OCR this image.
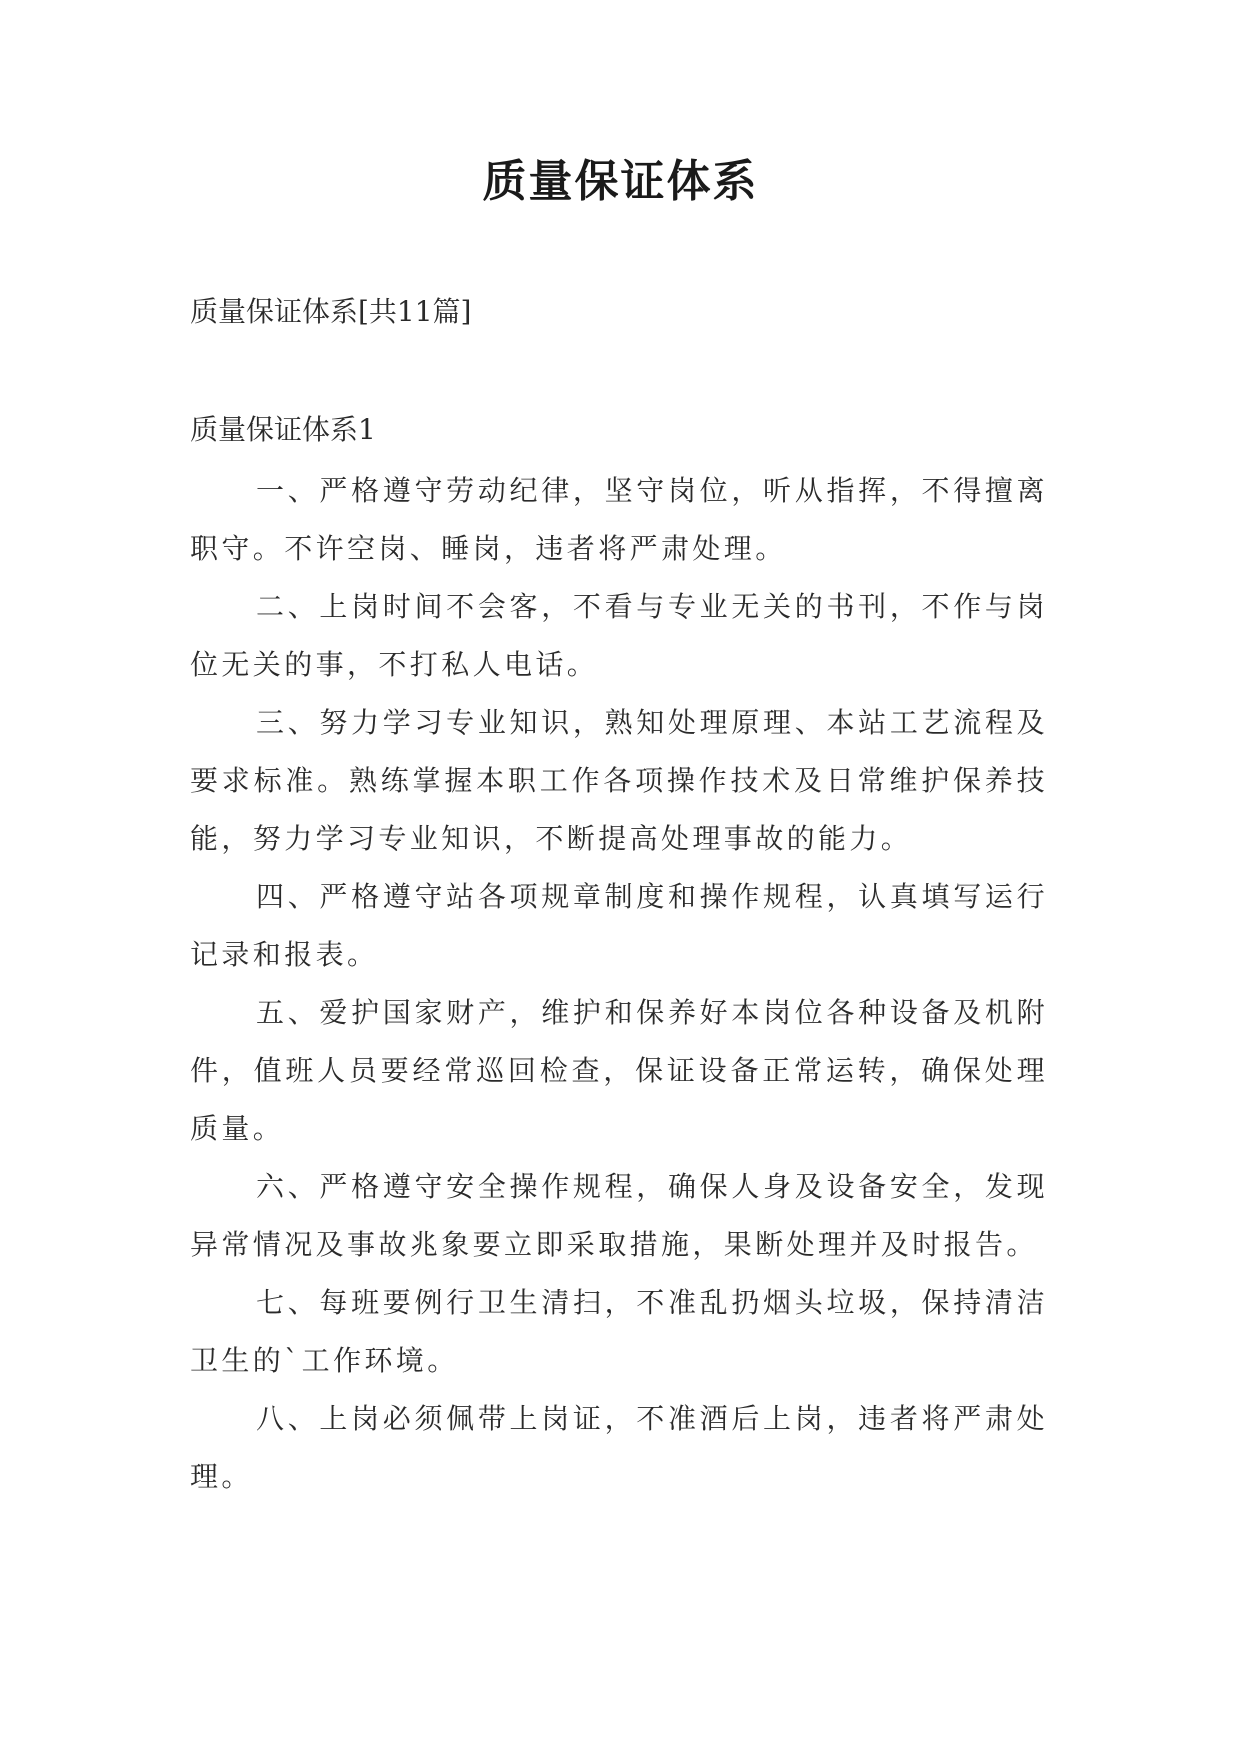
质量保证体系

质量保证体系[共11篇]

质量保证体系1

一、严格遵守劳动纪律，坚守岗位，听从指挥，不得擅离职守。不许空岗、睡岗，违者将严肃处理。

二、上岗时间不会客，不看与专业无关的书刊，不作与岗位无关的事，不打私人电话。

三、努力学习专业知识，熟知处理原理、本站工艺流程及要求标准。熟练掌握本职工作各项操作技术及日常维护保养技能，努力学习专业知识，不断提高处理事故的能力。

四、严格遵守站各项规章制度和操作规程，认真填写运行记录和报表。

五、爱护国家财产，维护和保养好本岗位各种设备及机附件，值班人员要经常巡回检查，保证设备正常运转，确保处理质量。

六、严格遵守安全操作规程，确保人身及设备安全，发现异常情况及事故兆象要立即采取措施，果断处理并及时报告。

七、每班要例行卫生清扫，不准乱扔烟头垃圾，保持清洁卫生的`工作环境。

八、上岗必须佩带上岗证，不准酒后上岗，违者将严肃处理。
